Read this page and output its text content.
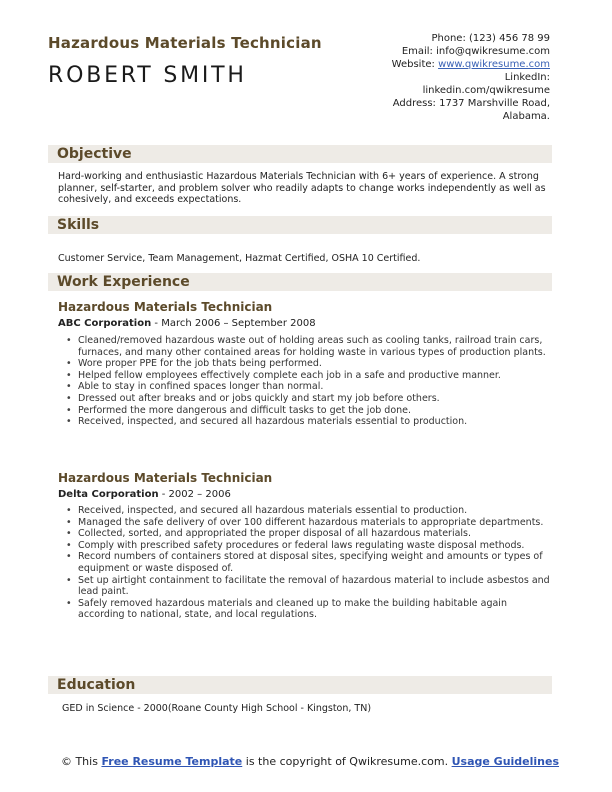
Hazardous Materials Technician
ROBERT SMITH
Phone: (123) 456 78 99
Email: info@qwikresume.com
Website: www.qwikresume.com
LinkedIn:
linkedin.com/qwikresume
Address: 1737 Marshville Road,
Alabama.
Objective
Hard-working and enthusiastic Hazardous Materials Technician with 6+ years of experience. A strong planner, self-starter, and problem solver who readily adapts to change works independently as well as cohesively, and exceeds expectations.
Skills
Customer Service, Team Management, Hazmat Certified, OSHA 10 Certified.
Work Experience
Hazardous Materials Technician
ABC Corporation - March 2006 – September 2008
• Cleaned/removed hazardous waste out of holding areas such as cooling tanks, railroad train cars, furnaces, and many other contained areas for holding waste in various types of production plants.
• Wore proper PPE for the job thats being performed.
• Helped fellow employees effectively complete each job in a safe and productive manner.
• Able to stay in confined spaces longer than normal.
• Dressed out after breaks and or jobs quickly and start my job before others.
• Performed the more dangerous and difficult tasks to get the job done.
• Received, inspected, and secured all hazardous materials essential to production.
Hazardous Materials Technician
Delta Corporation - 2002 – 2006
• Received, inspected, and secured all hazardous materials essential to production.
• Managed the safe delivery of over 100 different hazardous materials to appropriate departments.
• Collected, sorted, and appropriated the proper disposal of all hazardous materials.
• Comply with prescribed safety procedures or federal laws regulating waste disposal methods.
• Record numbers of containers stored at disposal sites, specifying weight and amounts or types of equipment or waste disposed of.
• Set up airtight containment to facilitate the removal of hazardous material to include asbestos and lead paint.
• Safely removed hazardous materials and cleaned up to make the building habitable again according to national, state, and local regulations.
Education
GED in Science - 2000(Roane County High School - Kingston, TN)
© This Free Resume Template is the copyright of Qwikresume.com. Usage Guidelines
